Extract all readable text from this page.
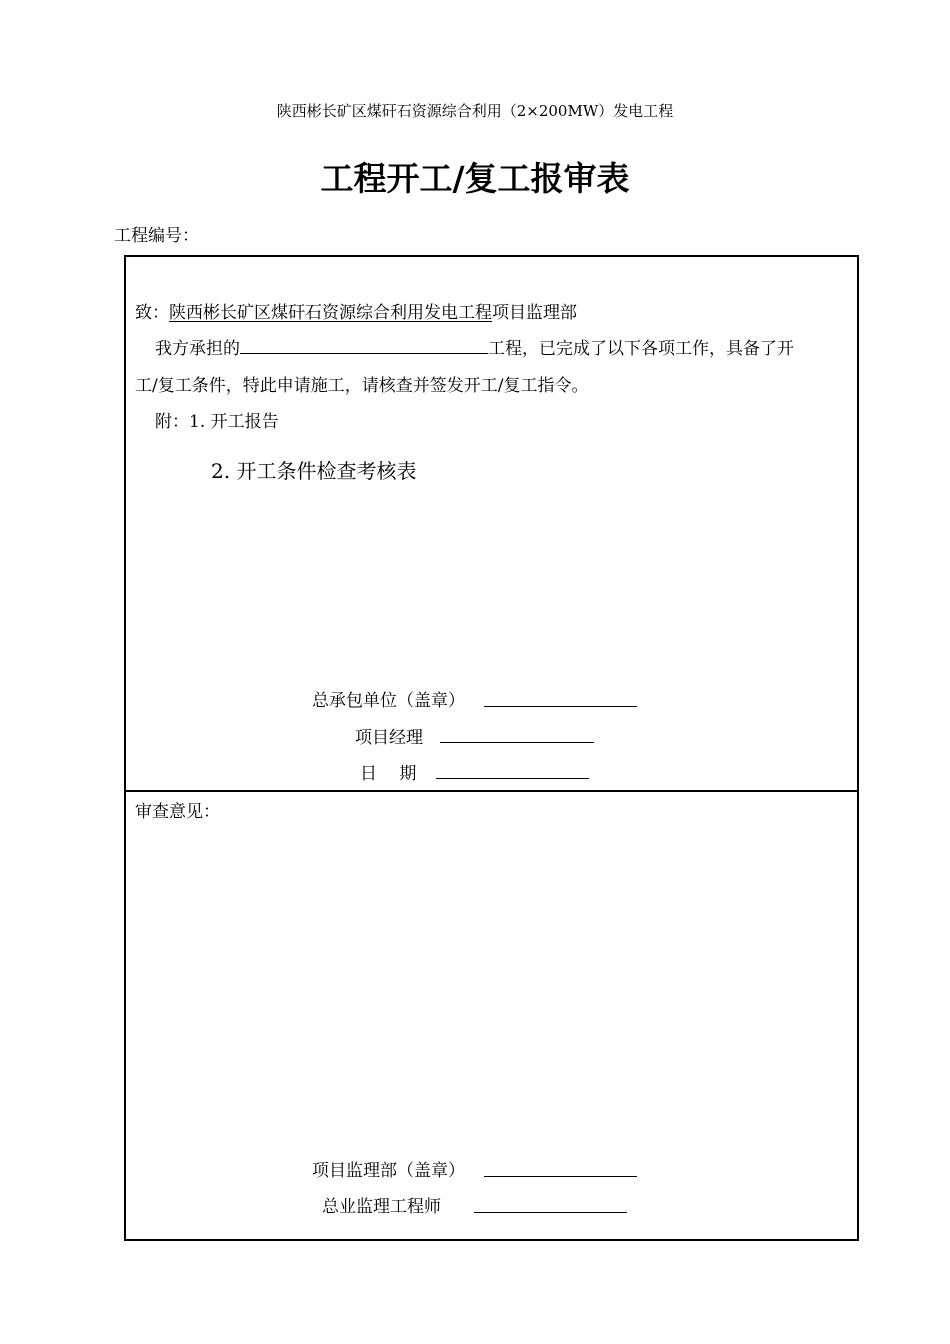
陕西彬长矿区煤矸石资源综合利用（2×200MW）发电工程
工程开工/复工报审表
工程编号：
致：陕西彬长矿区煤矸石资源综合利用发电工程项目监理部
我方承担的	工程，已完成了以下各项工作，具备了开
工/复工条件，特此申请施工，请核查并签发开工/复工指令。
附：1. 开工报告
2. 开工条件检查考核表
总承包单位（盖章）
项目经理
日　 期
审查意见：
项目监理部（盖章）
总业监理工程师
